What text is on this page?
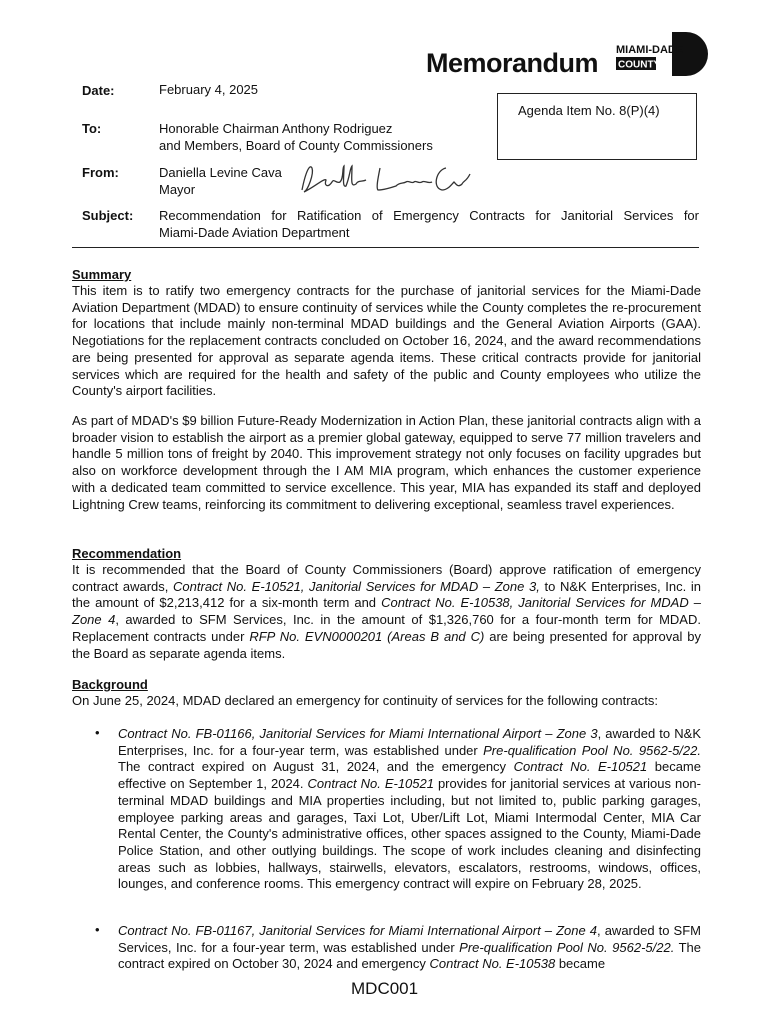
Memorandum MIAMI-DADE
COUNTY
Date:	February 4, 2025
Agenda Item No. 8(P)(4)
To:	Honorable Chairman Anthony Rodriguez
and Members, Board of County Commissioners
From:	Daniella Levine Cava
Mayor
Subject: Recommendation for Ratification of Emergency Contracts for Janitorial Services for
Miami-Dade Aviation Department
Summary
This item is to ratify two emergency contracts for the purchase of janitorial services for the Miami-Dade Aviation Department (MDAD) to ensure continuity of services while the County completes the re-procurement for locations that include mainly non-terminal MDAD buildings and the General Aviation Airports (GAA). Negotiations for the replacement contracts concluded on October 16, 2024, and the award recommendations are being presented for approval as separate agenda items. These critical contracts provide for janitorial services which are required for the health and safety of the public and County employees who utilize the County's airport facilities.
As part of MDAD's $9 billion Future-Ready Modernization in Action Plan, these janitorial contracts align with a broader vision to establish the airport as a premier global gateway, equipped to serve 77 million travelers and handle 5 million tons of freight by 2040. This improvement strategy not only focuses on facility upgrades but also on workforce development through the I AM MIA program, which enhances the customer experience with a dedicated team committed to service excellence. This year, MIA has expanded its staff and deployed Lightning Crew teams, reinforcing its commitment to delivering exceptional, seamless travel experiences.
Recommendation
It is recommended that the Board of County Commissioners (Board) approve ratification of emergency contract awards, Contract No. E-10521, Janitorial Services for MDAD – Zone 3, to N&K Enterprises, Inc. in the amount of $2,213,412 for a six-month term and Contract No. E-10538, Janitorial Services for MDAD – Zone 4, awarded to SFM Services, Inc. in the amount of $1,326,760 for a four-month term for MDAD. Replacement contracts under RFP No. EVN0000201 (Areas B and C) are being presented for approval by the Board as separate agenda items.
Background
On June 25, 2024, MDAD declared an emergency for continuity of services for the following contracts:
• Contract No. FB-01166, Janitorial Services for Miami International Airport – Zone 3, awarded to N&K Enterprises, Inc. for a four-year term, was established under Pre-qualification Pool No. 9562-5/22. The contract expired on August 31, 2024, and the emergency Contract No. E-10521 became effective on September 1, 2024. Contract No. E-10521 provides for janitorial services at various non-terminal MDAD buildings and MIA properties including, but not limited to, public parking garages, employee parking areas and garages, Taxi Lot, Uber/Lift Lot, Miami Intermodal Center, MIA Car Rental Center, the County's administrative offices, other spaces assigned to the County, Miami-Dade Police Station, and other outlying buildings. The scope of work includes cleaning and disinfecting areas such as lobbies, hallways, stairwells, elevators, escalators, restrooms, windows, offices, lounges, and conference rooms. This emergency contract will expire on February 28, 2025.
• Contract No. FB-01167, Janitorial Services for Miami International Airport – Zone 4, awarded to SFM Services, Inc. for a four-year term, was established under Pre-qualification Pool No. 9562-5/22. The contract expired on October 30, 2024 and emergency Contract No. E-10538 became
MDC001
